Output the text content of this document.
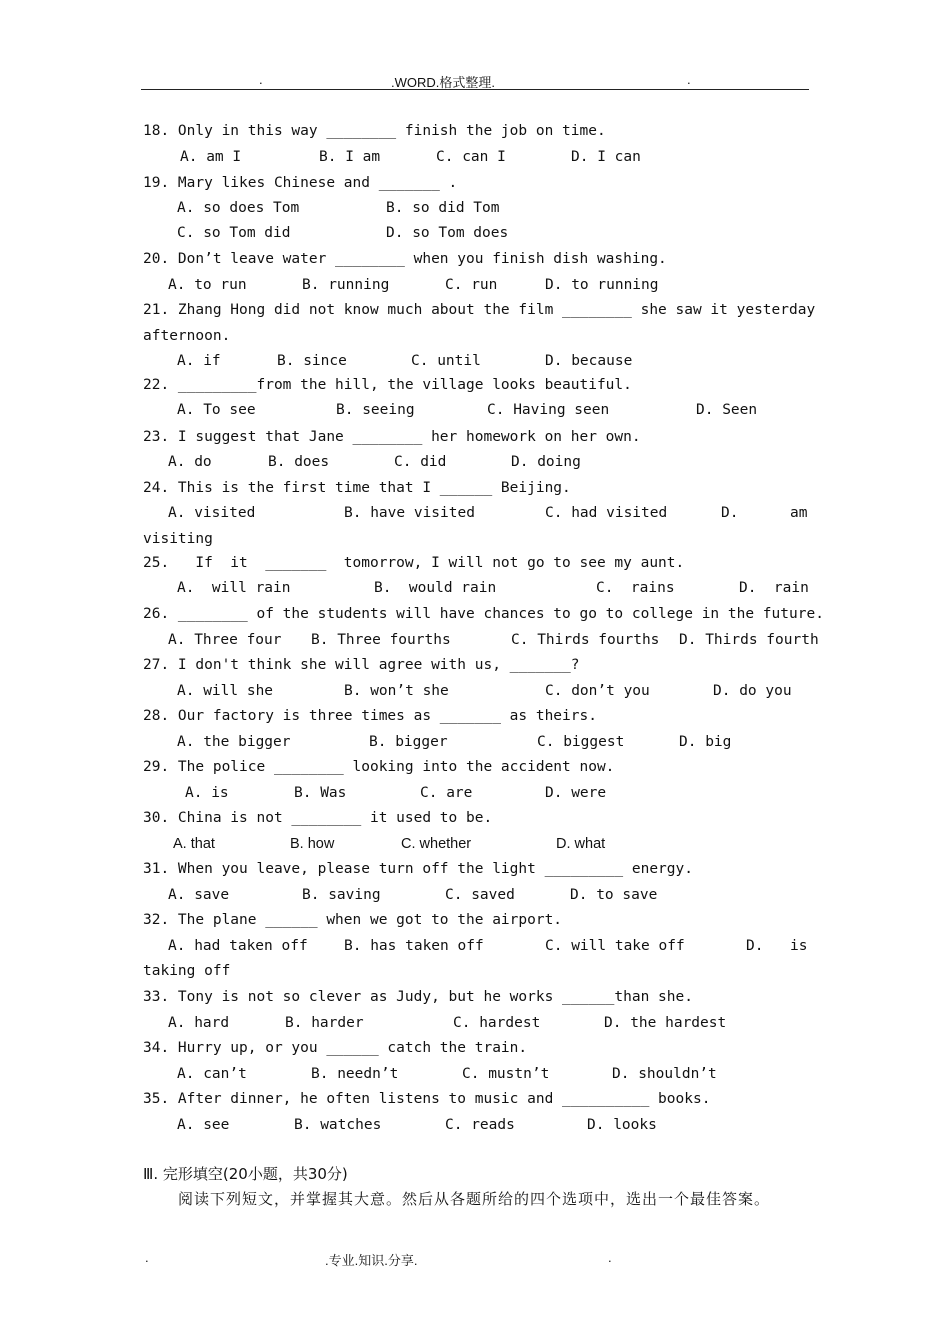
.	.WORD.格式整理.	.
18. Only in this way ________ finish the job on time.
A. am I	B. I am	C. can I	D. I can
19. Mary likes Chinese and _______ .
A. so does Tom	B. so did Tom
C. so Tom did	D. so Tom does
20. Don’t leave water ________ when you finish dish washing.
A. to run	B. running	C. run	D. to running
21. Zhang Hong did not know much about the film ________ she saw it yesterday
afternoon.
A. if	B. since	C. until	D. because
22. _________from the hill, the village looks beautiful.
A. To see	B. seeing	C. Having seen	D. Seen
23. I suggest that Jane ________ her homework on her own.
A. do	B. does	C. did	D. doing
24. This is the first time that I ______ Beijing.
A. visited	B. have visited	C. had visited	D.	am
visiting
25.   If  it  _______  tomorrow, I will not go to see my aunt.
A.  will rain	B.  would rain	C.  rains	D.  rain
26. ________ of the students will have chances to go to college in the future.
A. Three four B. Three fourths	C. Thirds fourths D. Thirds fourth
27. I don't think she will agree with us, _______?
A. will she	B. won’t she	C. don’t you	D. do you
28. Our factory is three times as _______ as theirs.
A. the bigger	B. bigger	C. biggest	D. big
29. The police ________ looking into the accident now.
A. is	B. Was	C. are	D. were
30. China is not ________ it used to be.
A. that	B. how	C. whether	D. what
31. When you leave, please turn off the light _________ energy.
A. save	B. saving	C. saved	D. to save
32. The plane ______ when we got to the airport.
A. had taken off	B. has taken off	C. will take off	D. is
taking off
33. Tony is not so clever as Judy, but he works ______than she.
A. hard	B. harder	C. hardest	D. the hardest
34. Hurry up, or you ______ catch the train.
A. can’t	B. needn’t	C. mustn’t	D. shouldn’t
35. After dinner, he often listens to music and __________ books.
A. see	B. watches	C. reads	D. looks
Ⅲ. 完形填空(20小题，共30分)
阅读下列短文，并掌握其大意。然后从各题所给的四个选项中，选出一个最佳答案。
.	.专业.知识.分享.	.
